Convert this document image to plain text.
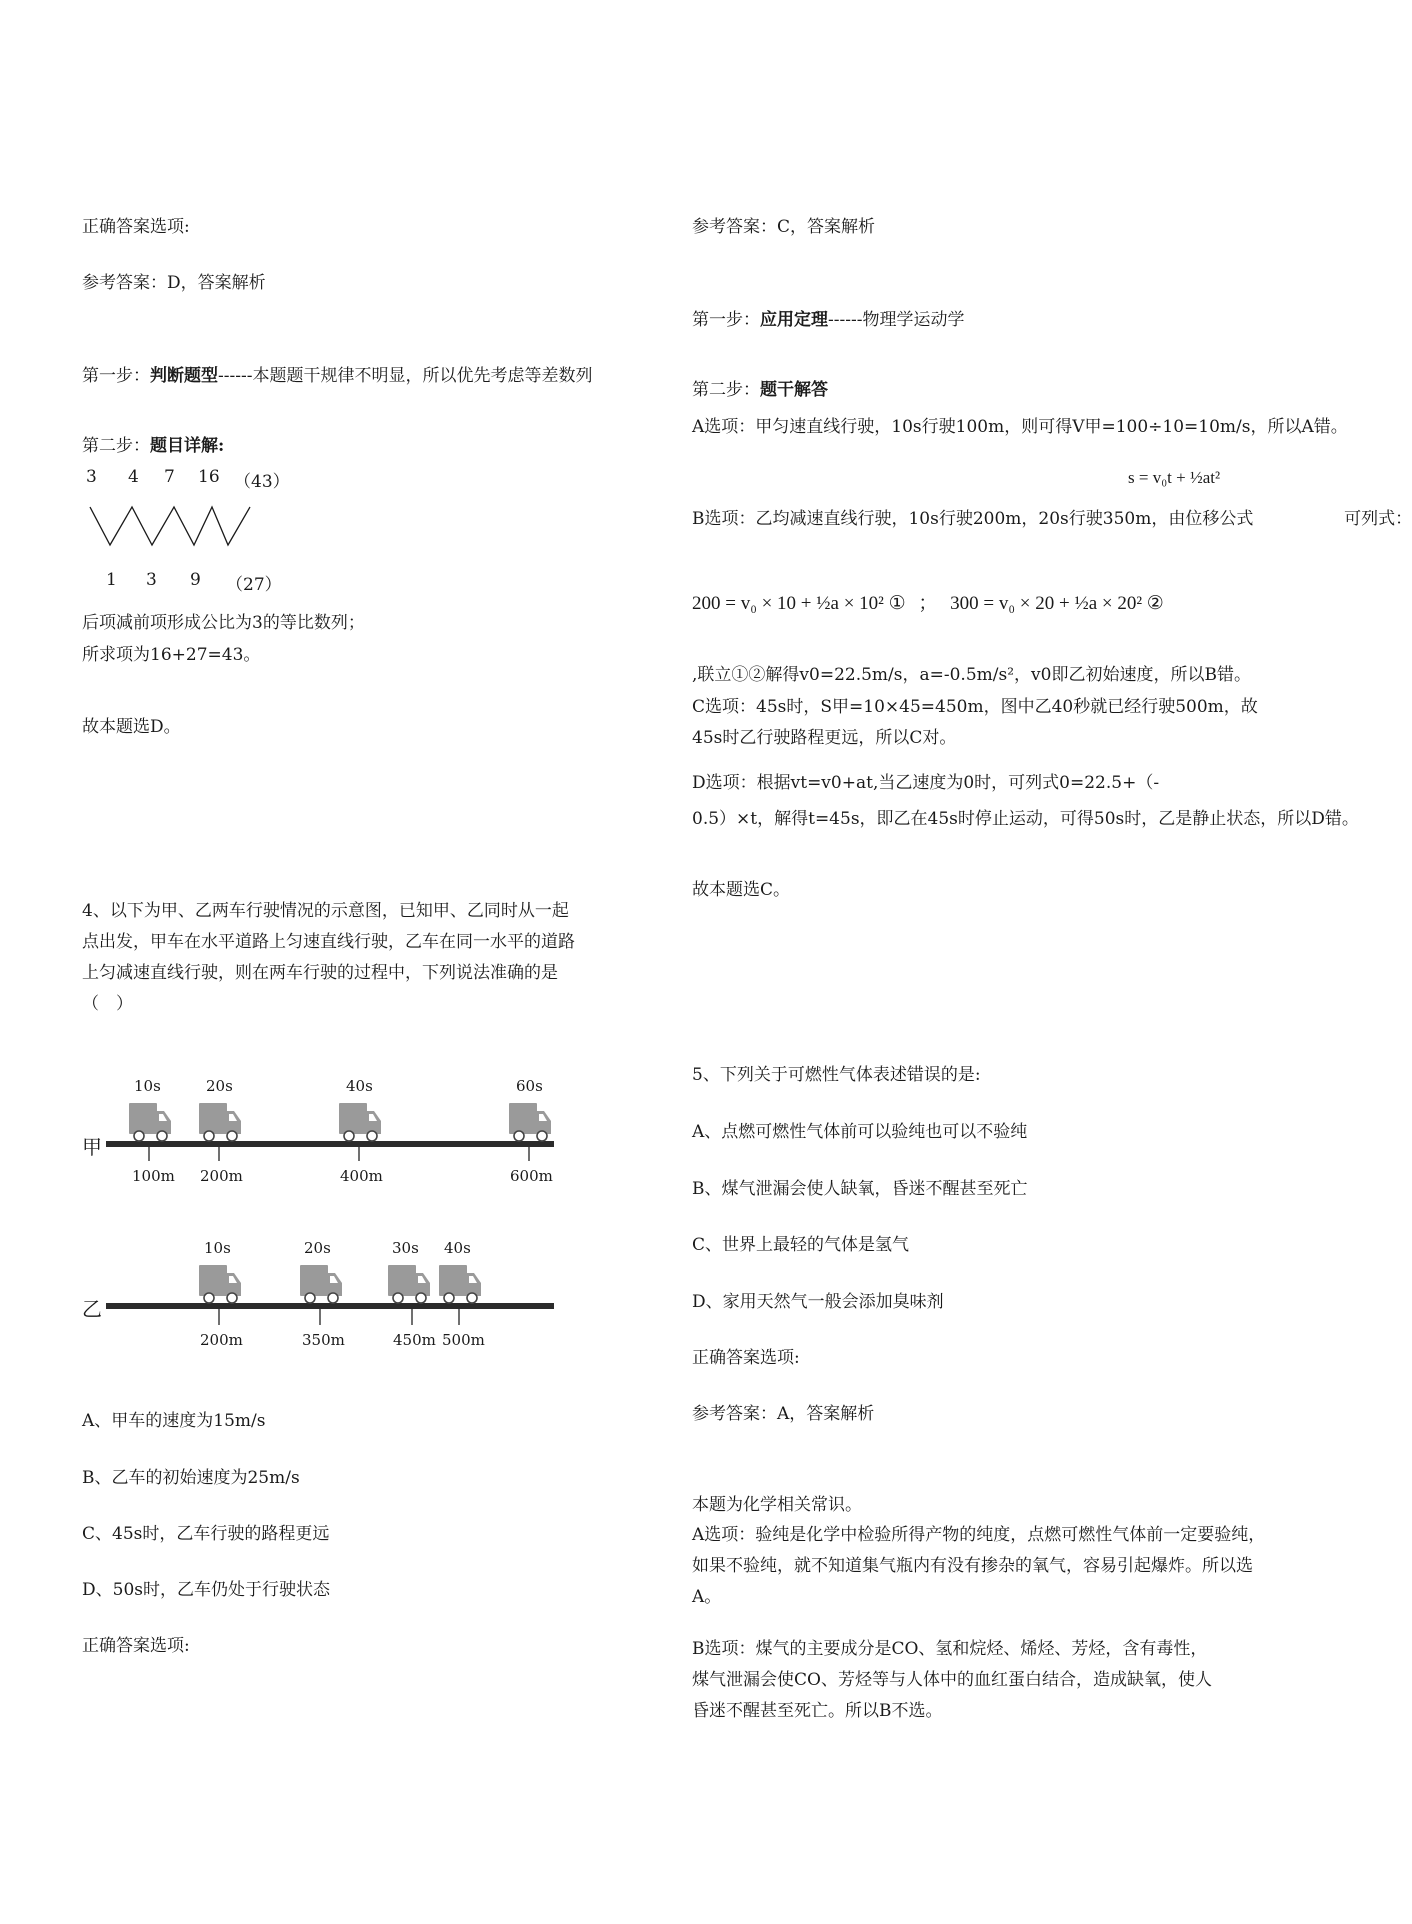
正确答案选项:
参考答案：D，答案解析
第一步：判断题型------本题题干规律不明显，所以优先考虑等差数列
第二步：题目详解:
3 4 7 16 （43）
1 3 9 （27）
后项减前项形成公比为3的等比数列；
所求项为16+27=43。
故本题选D。
4、以下为甲、乙两车行驶情况的示意图，已知甲、乙同时从一起点出发，甲车在水平道路上匀速直线行驶，乙车在同一水平的道路上匀减速直线行驶，则在两车行驶的过程中，下列说法准确的是（　）
甲
乙
10s	20s	40s	60s
100m 200m	400m	600m
10s	20s	30s 40s
200m	350m	450m 500m
A、甲车的速度为15m/s
B、乙车的初始速度为25m/s
C、45s时，乙车行驶的路程更远
D、50s时，乙车仍处于行驶状态
正确答案选项:
参考答案：C，答案解析
第一步：应用定理------物理学运动学
第二步：题干解答
A选项：甲匀速直线行驶，10s行驶100m，则可得V甲=100÷10=10m/s，所以A错。
s = v₀t + ½at²
B选项：乙均减速直线行驶，10s行驶200m，20s行驶350m，由位移公式	可列式：
200 = v₀ × 10 + ½a × 10² ① ； 300 = v₀ × 20 + ½a × 20² ②
,联立①②解得v0=22.5m/s，a=-0.5m/s²，v0即乙初始速度，所以B错。
C选项：45s时，S甲=10×45=450m，图中乙40秒就已经行驶500m，故45s时乙行驶路程更远，所以C对。
D选项：根据vt=v0+at,当乙速度为0时，可列式0=22.5+（-
0.5）×t，解得t=45s，即乙在45s时停止运动，可得50s时，乙是静止状态，所以D错。
故本题选C。
5、下列关于可燃性气体表述错误的是:
A、点燃可燃性气体前可以验纯也可以不验纯
B、煤气泄漏会使人缺氧，昏迷不醒甚至死亡
C、世界上最轻的气体是氢气
D、家用天然气一般会添加臭味剂
正确答案选项:
参考答案：A，答案解析
本题为化学相关常识。
A选项：验纯是化学中检验所得产物的纯度，点燃可燃性气体前一定要验纯，如果不验纯，就不知道集气瓶内有没有掺杂的氧气，容易引起爆炸。所以选A。
B选项：煤气的主要成分是CO、氢和烷烃、烯烃、芳烃，含有毒性，煤气泄漏会使CO、芳烃等与人体中的血红蛋白结合，造成缺氧，使人昏迷不醒甚至死亡。所以B不选。
